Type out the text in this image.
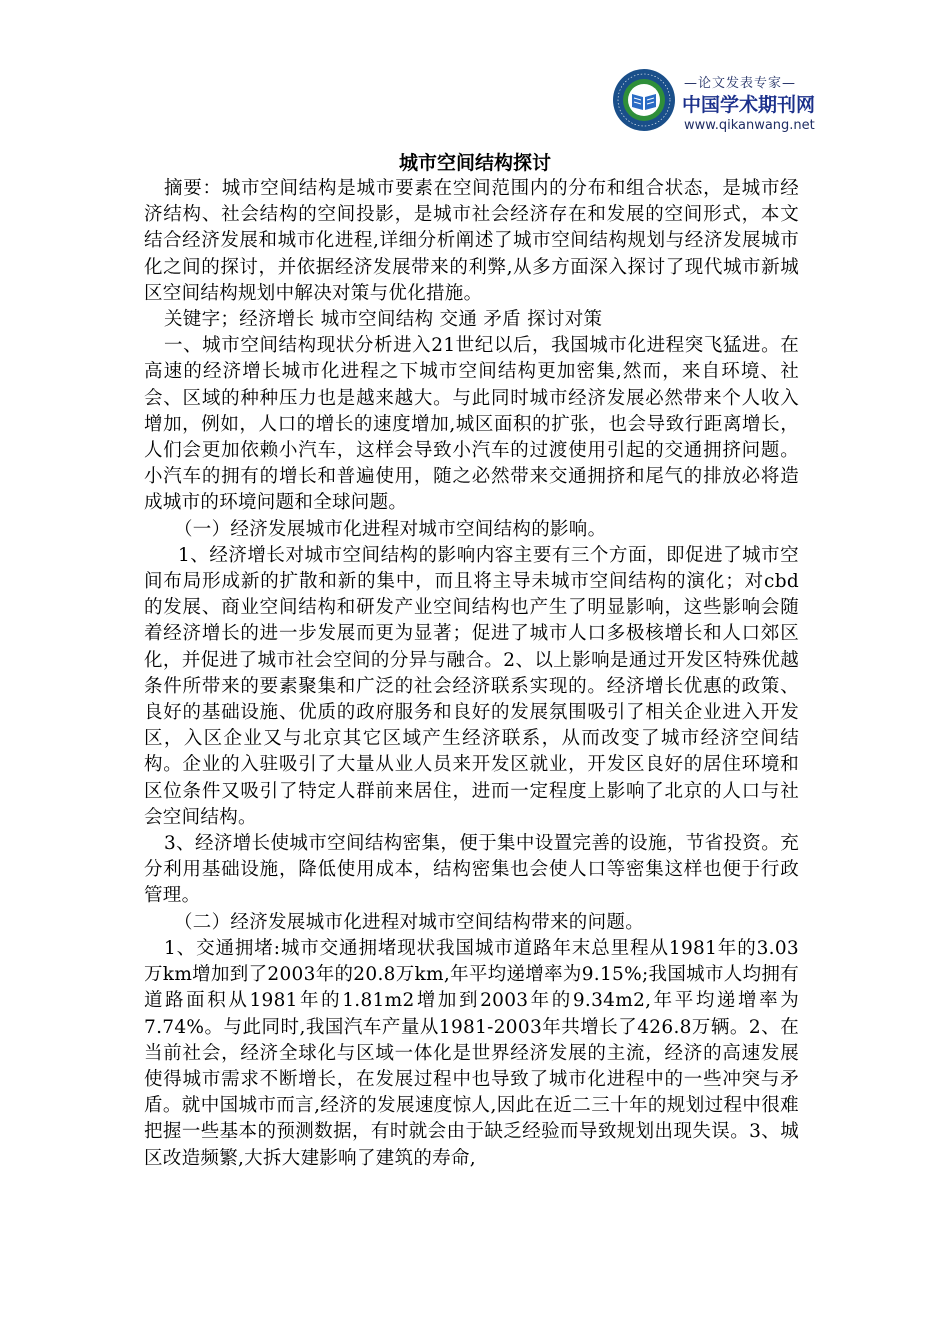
—论文发表专家—
中国学术期刊网
www.qikanwang.net
城市空间结构探讨

摘要：城市空间结构是城市要素在空间范围内的分布和组合状态，是城市经济结构、社会结构的空间投影，是城市社会经济存在和发展的空间形式，本文结合经济发展和城市化进程,详细分析阐述了城市空间结构规划与经济发展城市化之间的探讨，并依据经济发展带来的利弊,从多方面深入探讨了现代城市新城区空间结构规划中解决对策与优化措施。

关键字；经济增长 城市空间结构 交通 矛盾 探讨对策

一、城市空间结构现状分析进入21世纪以后，我国城市化进程突飞猛进。在高速的经济增长城市化进程之下城市空间结构更加密集,然而，来自环境、社会、区域的种种压力也是越来越大。与此同时城市经济发展必然带来个人收入增加，例如，人口的增长的速度增加,城区面积的扩张，也会导致行距离增长，人们会更加依赖小汽车，这样会导致小汽车的过渡使用引起的交通拥挤问题。小汽车的拥有的增长和普遍使用，随之必然带来交通拥挤和尾气的排放必将造成城市的环境问题和全球问题。

（一）经济发展城市化进程对城市空间结构的影响。

1、经济增长对城市空间结构的影响内容主要有三个方面，即促进了城市空间布局形成新的扩散和新的集中，而且将主导未城市空间结构的演化；对cbd的发展、商业空间结构和研发产业空间结构也产生了明显影响，这些影响会随着经济增长的进一步发展而更为显著；促进了城市人口多极核增长和人口郊区化，并促进了城市社会空间的分异与融合。2、以上影响是通过开发区特殊优越条件所带来的要素聚集和广泛的社会经济联系实现的。经济增长优惠的政策、良好的基础设施、优质的政府服务和良好的发展氛围吸引了相关企业进入开发区，入区企业又与北京其它区域产生经济联系，从而改变了城市经济空间结构。企业的入驻吸引了大量从业人员来开发区就业，开发区良好的居住环境和区位条件又吸引了特定人群前来居住，进而一定程度上影响了北京的人口与社会空间结构。

3、经济增长使城市空间结构密集，便于集中设置完善的设施，节省投资。充分利用基础设施，降低使用成本，结构密集也会使人口等密集这样也便于行政管理。

（二）经济发展城市化进程对城市空间结构带来的问题。

1、交通拥堵:城市交通拥堵现状我国城市道路年末总里程从1981年的3.03万km增加到了2003年的20.8万km,年平均递增率为9.15%;我国城市人均拥有道路面积从1981年的1.81m2增加到2003年的9.34m2,年平均递增率为7.74%。与此同时,我国汽车产量从1981-2003年共增长了426.8万辆。2、在当前社会，经济全球化与区域一体化是世界经济发展的主流，经济的高速发展使得城市需求不断增长，在发展过程中也导致了城市化进程中的一些冲突与矛盾。就中国城市而言,经济的发展速度惊人,因此在近二三十年的规划过程中很难把握一些基本的预测数据，有时就会由于缺乏经验而导致规划出现失误。3、城区改造频繁,大拆大建影响了建筑的寿命,
